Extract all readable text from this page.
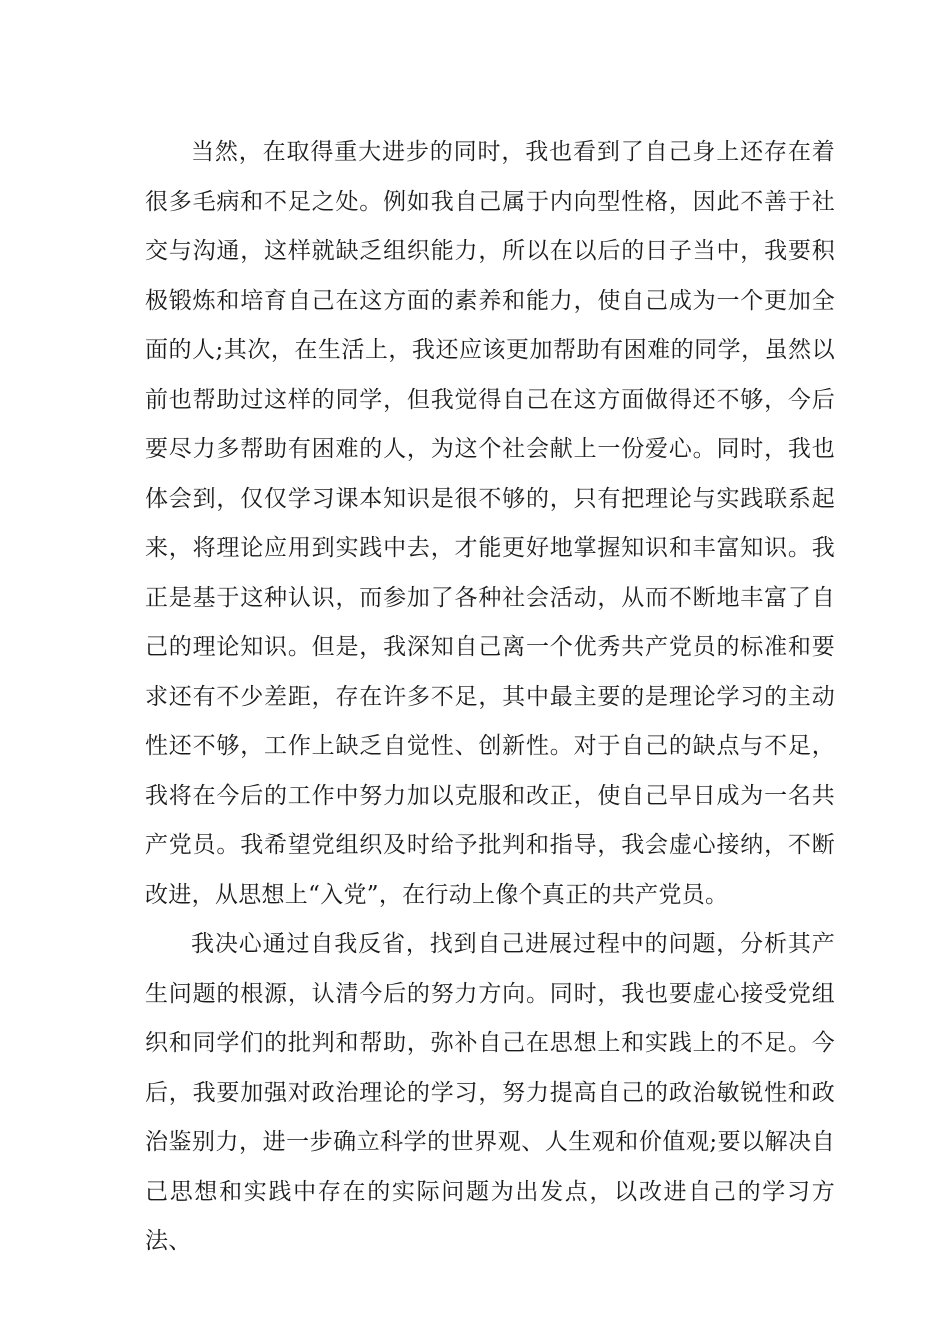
当然，在取得重大进步的同时，我也看到了自己身上还存在着很多毛病和不足之处。例如我自己属于内向型性格，因此不善于社交与沟通，这样就缺乏组织能力，所以在以后的日子当中，我要积极锻炼和培育自己在这方面的素养和能力，使自己成为一个更加全面的人;其次，在生活上，我还应该更加帮助有困难的同学，虽然以前也帮助过这样的同学，但我觉得自己在这方面做得还不够，今后要尽力多帮助有困难的人，为这个社会献上一份爱心。同时，我也体会到，仅仅学习课本知识是很不够的，只有把理论与实践联系起来，将理论应用到实践中去，才能更好地掌握知识和丰富知识。我正是基于这种认识，而参加了各种社会活动，从而不断地丰富了自己的理论知识。但是，我深知自己离一个优秀共产党员的标准和要求还有不少差距，存在许多不足，其中最主要的是理论学习的主动性还不够，工作上缺乏自觉性、创新性。对于自己的缺点与不足，我将在今后的工作中努力加以克服和改正，使自己早日成为一名共产党员。我希望党组织及时给予批判和指导，我会虚心接纳，不断改进，从思想上“入党”，在行动上像个真正的共产党员。

我决心通过自我反省，找到自己进展过程中的问题，分析其产生问题的根源，认清今后的努力方向。同时，我也要虚心接受党组织和同学们的批判和帮助，弥补自己在思想上和实践上的不足。今后，我要加强对政治理论的学习，努力提高自己的政治敏锐性和政治鉴别力，进一步确立科学的世界观、人生观和价值观;要以解决自己思想和实践中存在的实际问题为出发点，以改进自己的学习方法、
